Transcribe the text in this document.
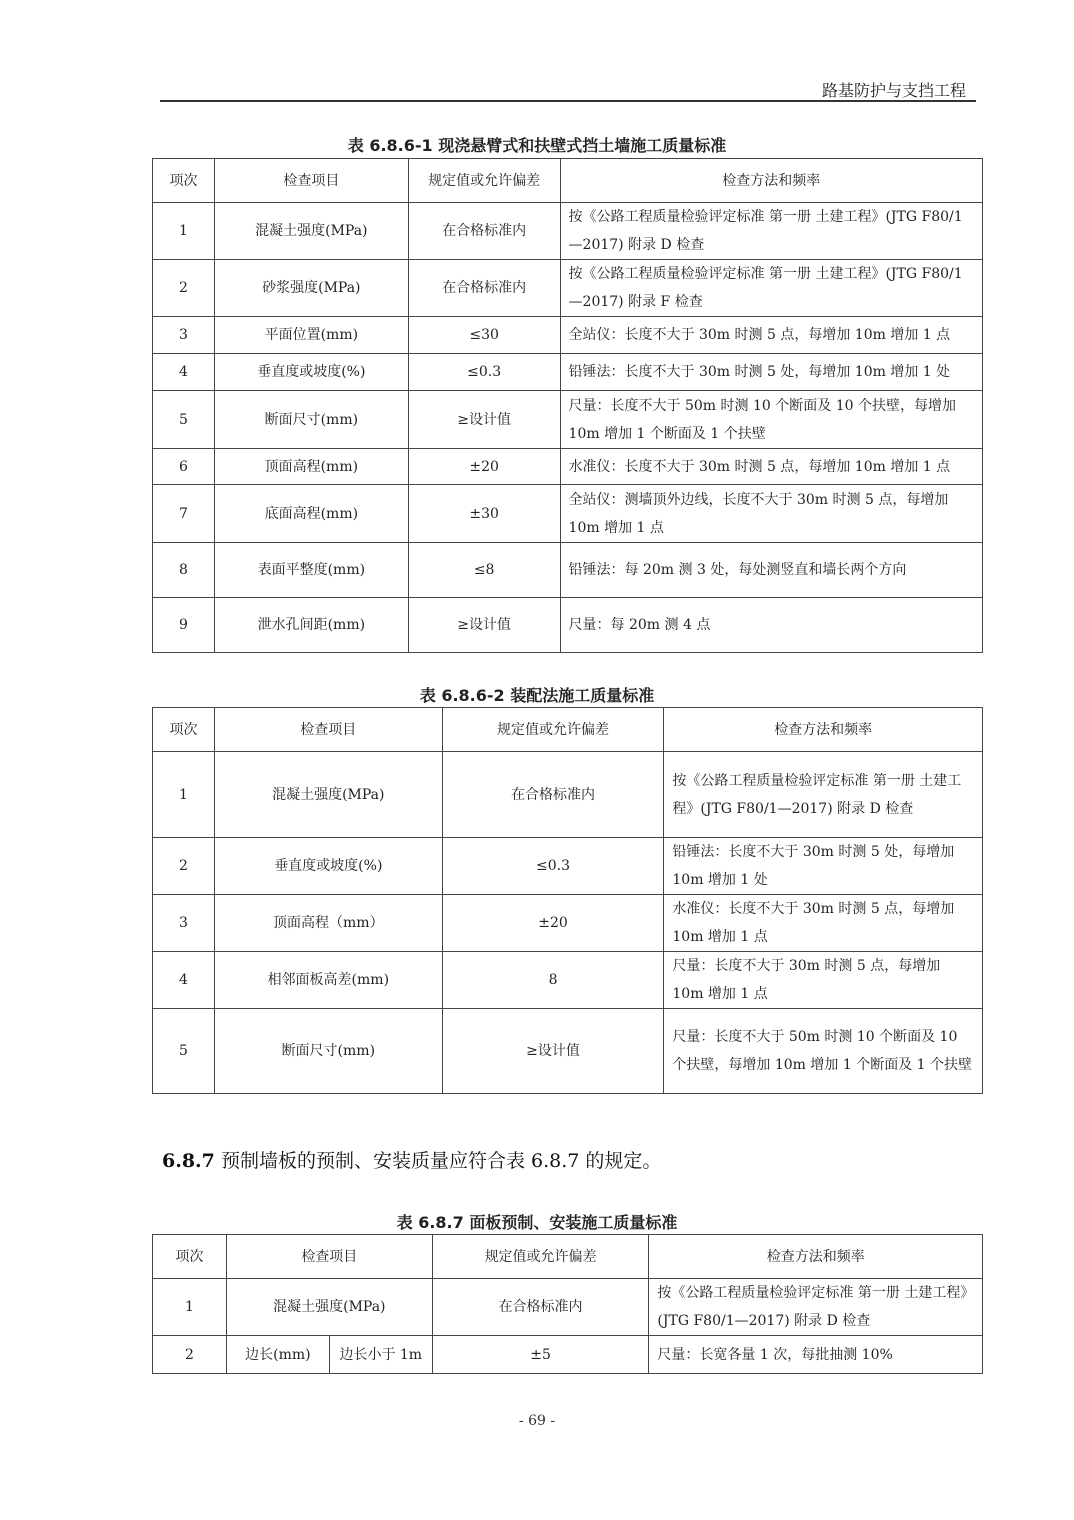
路基防护与支挡工程
表 6.8.6-1 现浇悬臂式和扶壁式挡土墙施工质量标准
项次	检查项目	规定值或允许偏差	检查方法和频率
1	混凝土强度(MPa)	在合格标准内	按《公路工程质量检验评定标准 第一册 土建工程》(JTG F80/1—2017) 附录 D 检查
2	砂浆强度(MPa)	在合格标准内	按《公路工程质量检验评定标准 第一册 土建工程》(JTG F80/1—2017) 附录 F 检查
3	平面位置(mm)	≤30	全站仪：长度不大于 30m 时测 5 点，每增加 10m 增加 1 点
4	垂直度或坡度(%)	≤0.3	铅锤法：长度不大于 30m 时测 5 处，每增加 10m 增加 1 处
5	断面尺寸(mm)	≥设计值	尺量：长度不大于 50m 时测 10 个断面及 10 个扶壁，每增加 10m 增加 1 个断面及 1 个扶壁
6	顶面高程(mm)	±20	水准仪：长度不大于 30m 时测 5 点，每增加 10m 增加 1 点
7	底面高程(mm)	±30	全站仪：测墙顶外边线，长度不大于 30m 时测 5 点，每增加 10m 增加 1 点
8	表面平整度(mm)	≤8	铅锤法：每 20m 测 3 处，每处测竖直和墙长两个方向
9	泄水孔间距(mm)	≥设计值	尺量：每 20m 测 4 点
表 6.8.6-2 装配法施工质量标准
项次	检查项目	规定值或允许偏差	检查方法和频率
1	混凝土强度(MPa)	在合格标准内	按《公路工程质量检验评定标准 第一册 土建工程》(JTG F80/1—2017) 附录 D 检查
2	垂直度或坡度(%)	≤0.3	铅锤法：长度不大于 30m 时测 5 处，每增加 10m 增加 1 处
3	顶面高程（mm）	±20	水准仪：长度不大于 30m 时测 5 点，每增加 10m 增加 1 点
4	相邻面板高差(mm)	8	尺量：长度不大于 30m 时测 5 点，每增加 10m 增加 1 点
5	断面尺寸(mm)	≥设计值	尺量：长度不大于 50m 时测 10 个断面及 10 个扶壁，每增加 10m 增加 1 个断面及 1 个扶壁
6.8.7 预制墙板的预制、安装质量应符合表 6.8.7 的规定。
表 6.8.7 面板预制、安装施工质量标准
项次	检查项目		规定值或允许偏差	检查方法和频率
1	混凝土强度(MPa)		在合格标准内	按《公路工程质量检验评定标准 第一册 土建工程》(JTG F80/1—2017) 附录 D 检查
2	边长(mm)	边长小于 1m	±5	尺量：长宽各量 1 次，每批抽测 10%
- 69 -
